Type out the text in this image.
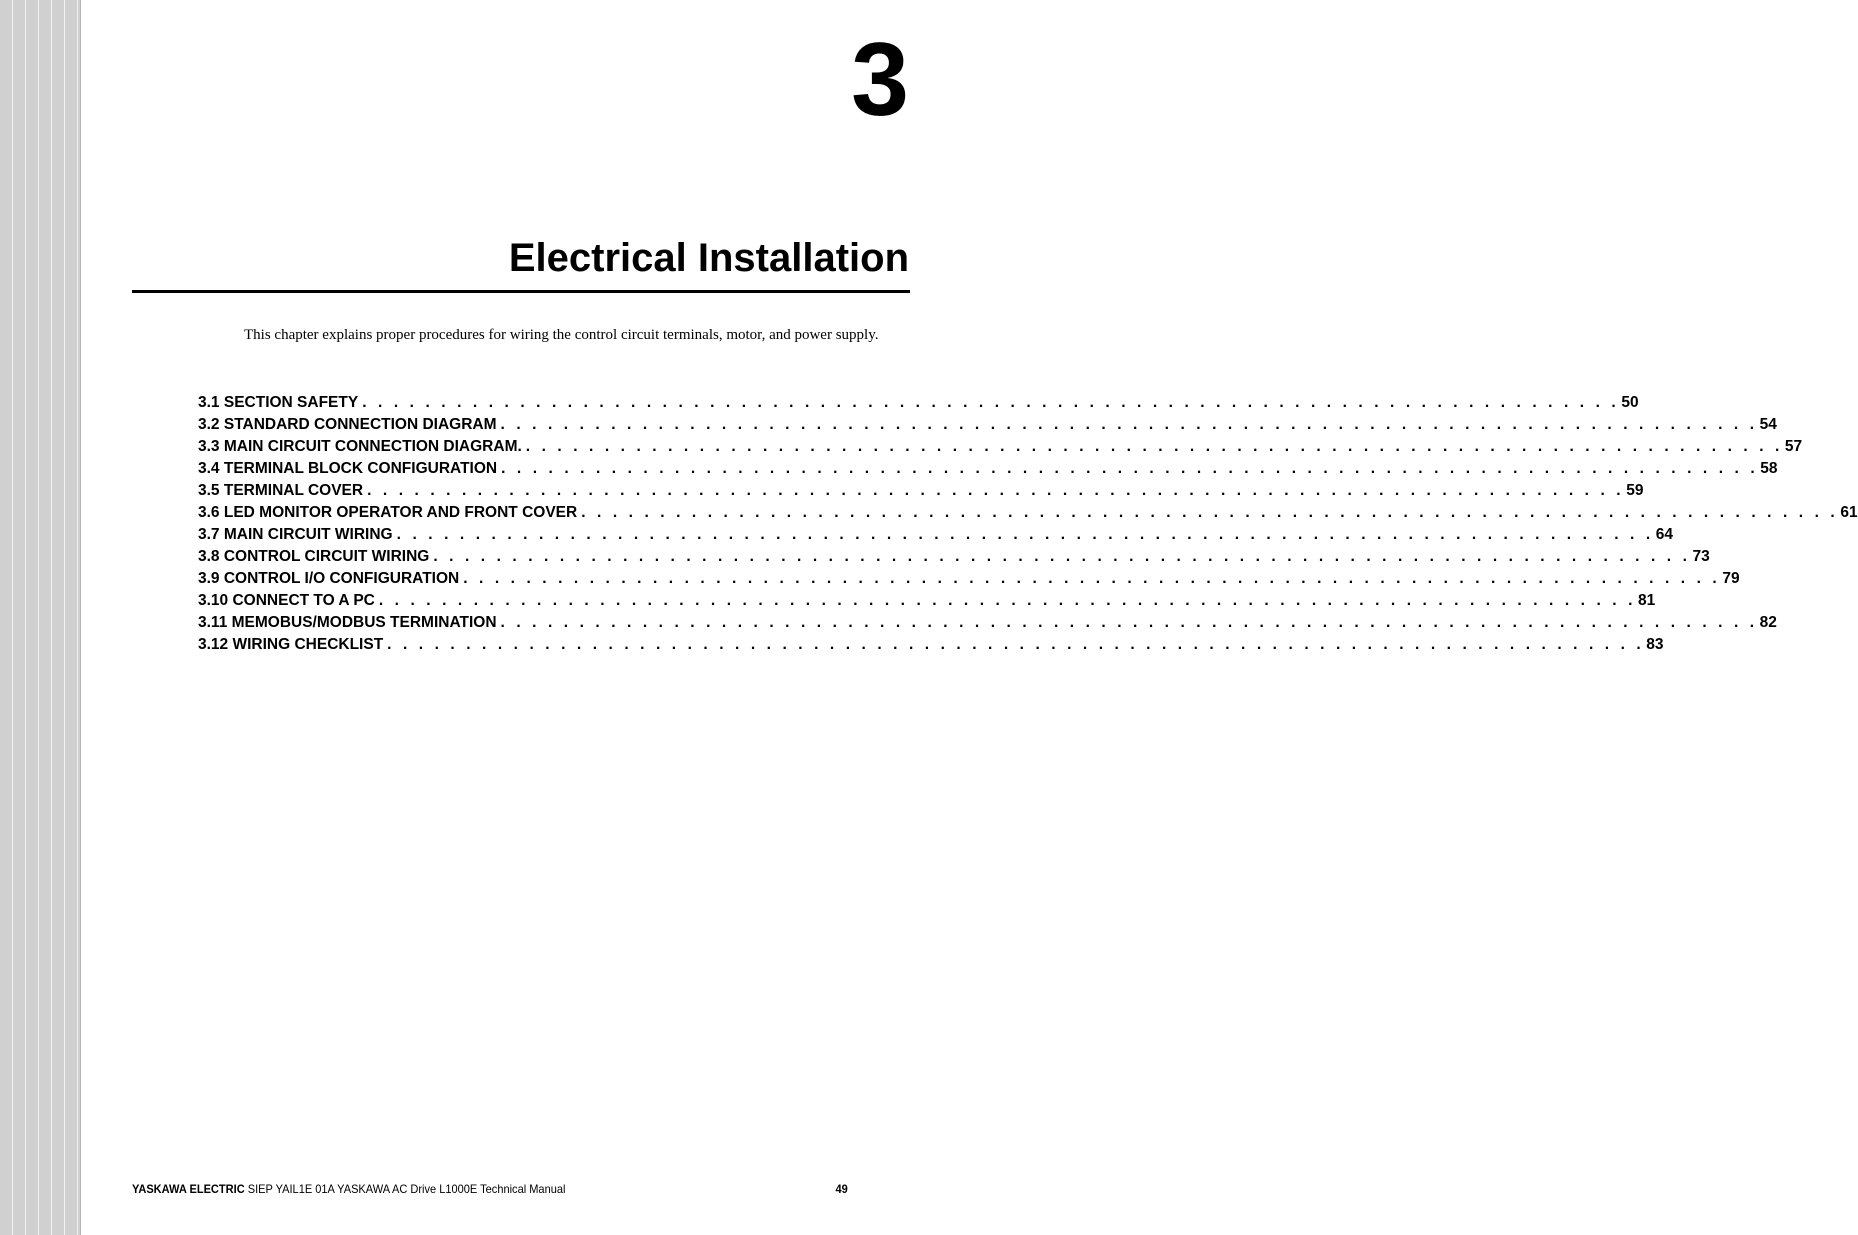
3
Electrical Installation

This chapter explains proper procedures for wiring the control circuit terminals, motor, and power supply.

3.1 SECTION SAFETY . . . . . . . . . . . . . . . . . . . . . . . . . . . . . . . . . . . . . . . . . . . . . . . . . . . . . . . . . . . . . . . . . . . . . . . . . . . . . . . . 50
3.2 STANDARD CONNECTION DIAGRAM . . . . . . . . . . . . . . . . . . . . . . . . . . . . . . . . . . . . . . . . . . . . . . . . . . . . . . . . . . . . . . . . . . . . . . . . . . . . . . . . 54
3.3 MAIN CIRCUIT CONNECTION DIAGRAM. . . . . . . . . . . . . . . . . . . . . . . . . . . . . . . . . . . . . . . . . . . . . . . . . . . . . . . . . . . . . . . . . . . . . . . . . . . . . . . . . 57
3.4 TERMINAL BLOCK CONFIGURATION . . . . . . . . . . . . . . . . . . . . . . . . . . . . . . . . . . . . . . . . . . . . . . . . . . . . . . . . . . . . . . . . . . . . . . . . . . . . . . . . 58
3.5 TERMINAL COVER . . . . . . . . . . . . . . . . . . . . . . . . . . . . . . . . . . . . . . . . . . . . . . . . . . . . . . . . . . . . . . . . . . . . . . . . . . . . . . . . 59
3.6 LED MONITOR OPERATOR AND FRONT COVER . . . . . . . . . . . . . . . . . . . . . . . . . . . . . . . . . . . . . . . . . . . . . . . . . . . . . . . . . . . . . . . . . . . . . . . . . . . . . . . . 61
3.7 MAIN CIRCUIT WIRING . . . . . . . . . . . . . . . . . . . . . . . . . . . . . . . . . . . . . . . . . . . . . . . . . . . . . . . . . . . . . . . . . . . . . . . . . . . . . . . . 64
3.8 CONTROL CIRCUIT WIRING . . . . . . . . . . . . . . . . . . . . . . . . . . . . . . . . . . . . . . . . . . . . . . . . . . . . . . . . . . . . . . . . . . . . . . . . . . . . . . . . 73
3.9 CONTROL I/O CONFIGURATION . . . . . . . . . . . . . . . . . . . . . . . . . . . . . . . . . . . . . . . . . . . . . . . . . . . . . . . . . . . . . . . . . . . . . . . . . . . . . . . . 79
3.10 CONNECT TO A PC . . . . . . . . . . . . . . . . . . . . . . . . . . . . . . . . . . . . . . . . . . . . . . . . . . . . . . . . . . . . . . . . . . . . . . . . . . . . . . . . 81
3.11 MEMOBUS/MODBUS TERMINATION . . . . . . . . . . . . . . . . . . . . . . . . . . . . . . . . . . . . . . . . . . . . . . . . . . . . . . . . . . . . . . . . . . . . . . . . . . . . . . . . 82
3.12 WIRING CHECKLIST . . . . . . . . . . . . . . . . . . . . . . . . . . . . . . . . . . . . . . . . . . . . . . . . . . . . . . . . . . . . . . . . . . . . . . . . . . . . . . . . 83
YASKAWA ELECTRIC SIEP YAIL1E 01A YASKAWA AC Drive L1000E Technical Manual	49
